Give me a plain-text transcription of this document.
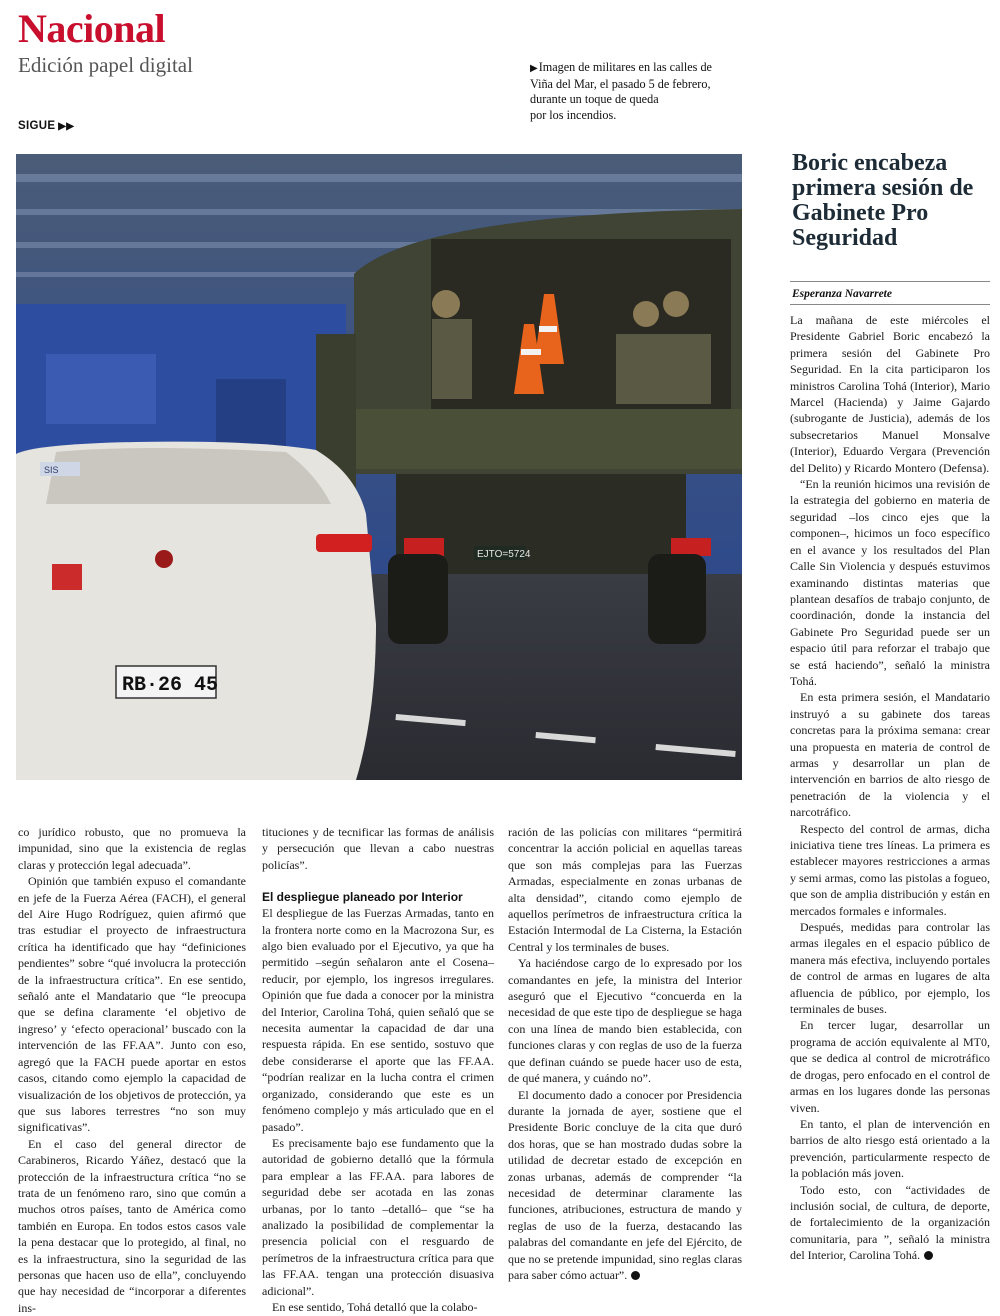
Nacional
Edición papel digital
SIGUE ▶▶
▶Imagen de militares en las calles de
Viña del Mar, el pasado 5 de febrero,
durante un toque de queda
por los incendios.
EJTO=5724
SIS
RB·26 45
Boric encabeza primera sesión de Gabinete Pro Seguridad
Esperanza Navarrete

La mañana de este miércoles el Presidente Gabriel Boric encabezó la primera sesión del Gabinete Pro Seguridad. En la cita participaron los ministros Carolina Tohá (Interior), Mario Marcel (Hacienda) y Jaime Gajardo (subrogante de Justicia), además de los subsecretarios Manuel Monsalve (Interior), Eduardo Vergara (Prevención del Delito) y Ricardo Montero (Defensa).

“En la reunión hicimos una revisión de la estrategia del gobierno en materia de seguridad –los cinco ejes que la componen–, hicimos un foco específico en el avance y los resultados del Plan Calle Sin Violencia y después estuvimos examinando distintas materias que plantean desafíos de trabajo conjunto, de coordinación, donde la instancia del Gabinete Pro Seguridad puede ser un espacio útil para reforzar el trabajo que se está haciendo”, señaló la ministra Tohá.

En esta primera sesión, el Mandatario instruyó a su gabinete dos tareas concretas para la próxima semana: crear una propuesta en materia de control de armas y desarrollar un plan de intervención en barrios de alto riesgo de penetración de la violencia y el narcotráfico.

Respecto del control de armas, dicha iniciativa tiene tres líneas. La primera es establecer mayores restricciones a armas y semi armas, como las pistolas a fogueo, que son de amplia distribución y están en mercados formales e informales.

Después, medidas para controlar las armas ilegales en el espacio público de manera más efectiva, incluyendo portales de control de armas en lugares de alta afluencia de público, por ejemplo, los terminales de buses.

En tercer lugar, desarrollar un programa de acción equivalente al MT0, que se dedica al control de microtráfico de drogas, pero enfocado en el control de armas en los lugares donde las personas viven.

En tanto, el plan de intervención en barrios de alto riesgo está orientado a la prevención, particularmente respecto de la población más joven.

Todo esto, con “actividades de inclusión social, de cultura, de deporte, de fortalecimiento de la organización comunitaria, para ”, señaló la ministra del Interior, Carolina Tohá.

co jurídico robusto, que no promueva la impunidad, sino que la existencia de reglas claras y protección legal adecuada”.

Opinión que también expuso el comandante en jefe de la Fuerza Aérea (FACH), el general del Aire Hugo Rodríguez, quien afirmó que tras estudiar el proyecto de infraestructura crítica ha identificado que hay “definiciones pendientes” sobre “qué involucra la protección de la infraestructura crítica”. En ese sentido, señaló ante el Mandatario que “le preocupa que se defina claramente ‘el objetivo de ingreso’ y ‘efecto operacional’ buscado con la intervención de las FF.AA”. Junto con eso, agregó que la FACH puede aportar en estos casos, citando como ejemplo la capacidad de visualización de los objetivos de protección, ya que sus labores terrestres “no son muy significativas”.

En el caso del general director de Carabineros, Ricardo Yáñez, destacó que la protección de la infraestructura crítica “no se trata de un fenómeno raro, sino que común a muchos otros países, tanto de América como también en Europa. En todos estos casos vale la pena destacar que lo protegido, al final, no es la infraestructura, sino la seguridad de las personas que hacen uso de ella”, concluyendo que hay necesidad de “incorporar a diferentes ins-

tituciones y de tecnificar las formas de análisis y persecución que llevan a cabo nuestras policías”.

El despliegue planeado por Interior

El despliegue de las Fuerzas Armadas, tanto en la frontera norte como en la Macrozona Sur, es algo bien evaluado por el Ejecutivo, ya que ha permitido –según señalaron ante el Cosena– reducir, por ejemplo, los ingresos irregulares. Opinión que fue dada a conocer por la ministra del Interior, Carolina Tohá, quien señaló que se necesita aumentar la capacidad de dar una respuesta rápida. En ese sentido, sostuvo que debe considerarse el aporte que las FF.AA. “podrían realizar en la lucha contra el crimen organizado, considerando que este es un fenómeno complejo y más articulado que en el pasado”.

Es precisamente bajo ese fundamento que la autoridad de gobierno detalló que la fórmula para emplear a las FF.AA. para labores de seguridad debe ser acotada en las zonas urbanas, por lo tanto –detalló– que “se ha analizado la posibilidad de complementar la presencia policial con el resguardo de perímetros de la infraestructura crítica para que las FF.AA. tengan una protección disuasiva adicional”.

En ese sentido, Tohá detalló que la colabo-

ración de las policías con militares “permitirá concentrar la acción policial en aquellas tareas que son más complejas para las Fuerzas Armadas, especialmente en zonas urbanas de alta densidad”, citando como ejemplo de aquellos perímetros de infraestructura crítica la Estación Intermodal de La Cisterna, la Estación Central y los terminales de buses.

Ya haciéndose cargo de lo expresado por los comandantes en jefe, la ministra del Interior aseguró que el Ejecutivo “concuerda en la necesidad de que este tipo de despliegue se haga con una línea de mando bien establecida, con funciones claras y con reglas de uso de la fuerza que definan cuándo se puede hacer uso de esta, de qué manera, y cuándo no”.

El documento dado a conocer por Presidencia durante la jornada de ayer, sostiene que el Presidente Boric concluye de la cita que duró dos horas, que se han mostrado dudas sobre la utilidad de decretar estado de excepción en zonas urbanas, además de comprender “la necesidad de determinar claramente las funciones, atribuciones, estructura de mando y reglas de uso de la fuerza, destacando las palabras del comandante en jefe del Ejército, de que no se pretende impunidad, sino reglas claras para saber cómo actuar”.
